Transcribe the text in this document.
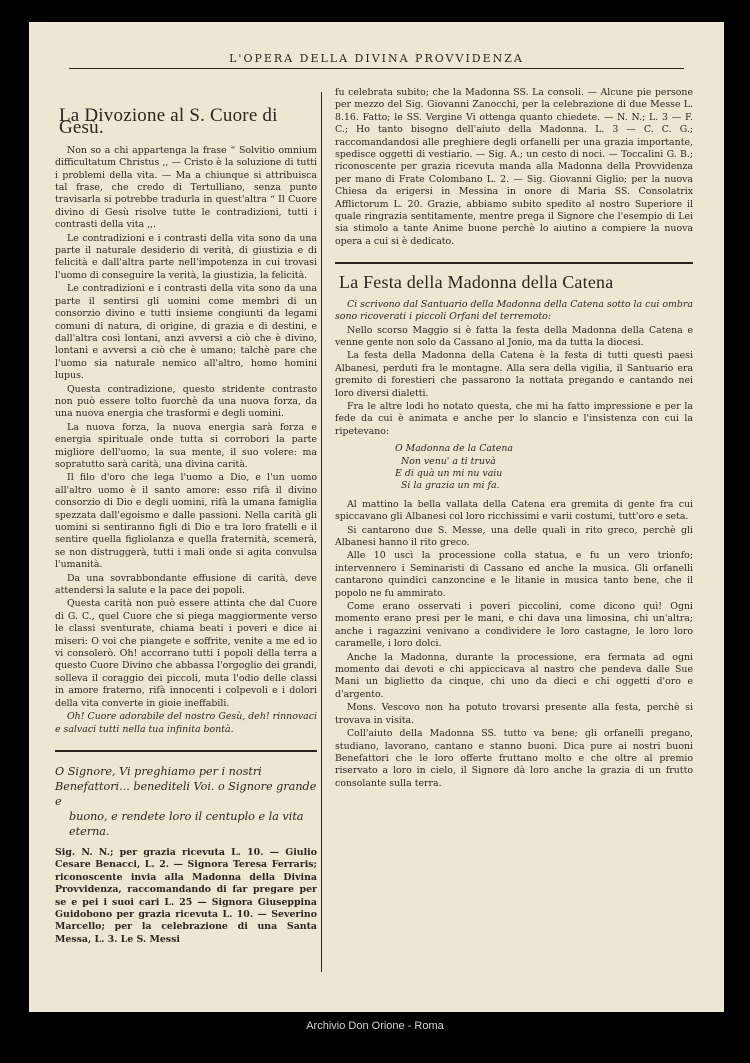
L'OPERA DELLA DIVINA PROVVIDENZA
La Divozione al S. Cuore di Gesù.

Non so a chi appartenga la frase “ Solvitio omnium difficultatum Christus ,, — Cristo è la soluzione di tutti i problemi della vita. — Ma a chiunque si attribuisca tal frase, che credo di Tertulliano, senza punto travisarla si potrebbe tradurla in quest'altra “ Il Cuore divino di Gesù risolve tutte le contradizioni, tutti i contrasti della vita ,,.

Le contradizioni e i contrasti della vita sono da una parte il naturale desiderio di verità, di giustizia e di felicità e dall'altra parte nell'impotenza in cui trovasi l'uomo di conseguire la verità, la giustizia, la felicità.

Le contradizioni e i contrasti della vita sono da una parte il sentirsi gli uomini come membri di un consorzio divino e tutti insieme congiunti da legami comuni di natura, di origine, di grazia e di destini, e dall'altra così lontani, anzi avversi a ciò che è divino, lontani e avversi a ciò che è umano; talchè pare che l'uomo sia naturale nemico all'altro, homo homini lupus.

Questa contradizione, questo stridente contrasto non può essere tolto fuorchè da una nuova forza, da una nuova energia che trasformi e degli uomini.

La nuova forza, la nuova energia sarà forza e energia spirituale onde tutta si corrobori la parte migliore dell'uomo, la sua mente, il suo volere: ma sopratutto sarà carità, una divina carità.

Il filo d'oro che lega l'uomo a Dio, e l'un uomo all'altro uomo è il santo amore: esso rifà il divino consorzio di Dio e degli uomini, rifà la umana famiglia spezzata dall'egoismo e dalle passioni. Nella carità gli uomini si sentiranno figli di Dio e tra loro fratelli e il sentire quella figliolanza e quella fraternità, scemerà, se non distruggerà, tutti i mali onde si agita convulsa l'umanità.

Da una sovrabbondante effusione di carità, deve attendersi la salute e la pace dei popoli.

Questa carità non può essere attinta che dal Cuore di G. C., quel Cuore che si piega maggiormente verso le classi sventurate, chiama beati i poveri e dice ai miseri: O voi che piangete e soffrite, venite a me ed io vi consolerò. Oh! accorrano tutti i popoli della terra a questo Cuore Divino che abbassa l'orgoglio dei grandi, solleva il coraggio dei piccoli, muta l'odio delle classi in amore fraterno, rifà innocenti i colpevoli e i dolori della vita converte in gioie ineffabili.

Oh! Cuore adorabile del nostro Gesù, deh! rinnovaci e salvaci tutti nella tua infinita bontà.

O Signore, Vi preghiamo per i nostri Benefattori... benediteli Voi. o Signore grande e
buono, e rendete loro il centuplo e la vita
eterna.

Sig. N. N.; per grazia ricevuta L. 10. — Giulio Cesare Benacci, L. 2. — Signora Teresa Ferraris; riconoscente invia alla Madonna della Divina Provvidenza, raccomandando di far pregare per se e pei i suoi cari L. 25 — Signora Giuseppina Guidobono per grazia ricevuta L. 10. — Severino Marcello; per la celebrazione di una Santa Messa, L. 3. Le S. Messi

fu celebrata subito; che la Madonna SS. La consoli. — Alcune pie persone per mezzo del Sig. Giovanni Zanocchi, per la celebrazione di due Messe L. 8.16. Fatto; le SS. Vergine Vi ottenga quanto chiedete. — N. N.; L. 3 — F. C.; Ho tanto bisogno dell'aiuto della Madonna. L. 3 — C. C. G.; raccomandandosi alle preghiere degli orfanelli per una grazia importante, spedisce oggetti di vestiario. — Sig. A.; un cesto di noci. — Toccalini G. B.; riconoscente per grazia ricevuta manda alla Madonna della Provvidenza per mano di Frate Colombano L. 2. — Sig. Giovanni Giglio; per la nuova Chiesa da erigersi in Messina in onore di Maria SS. Consolatrix Afflictorum L. 20. Grazie, abbiamo subito spedito al nostro Superiore il quale ringrazia sentitamente, mentre prega il Signore che l'esempio di Lei sia stimolo a tante Anime buone perchè lo aiutino a compiere la nuova opera a cui si è dedicato.

La Festa della Madonna della Catena

Ci scrivono dal Santuario della Madonna della Catena sotto la cui ombra sono ricoverati i piccoli Orfani del terremoto:

Nello scorso Maggio si è fatta la festa della Madonna della Catena e venne gente non solo da Cassano al Jonio, ma da tutta la diocesi.

La festa della Madonna della Catena è la festa di tutti questi paesi Albanesi, perduti fra le montagne. Alla sera della vigilia, il Santuario era gremito di forestieri che passarono la nottata pregando e cantando nei loro diversi dialetti.

Fra le altre lodi ho notato questa, che mi ha fatto impressione e per la fede da cui è animata e anche per lo slancio e l'insistenza con cui la ripetevano:

O Madonna de la Catena
Non venu' a ti truvà
E di quà un mi nu vaiu
Si la grazia un mi fa.

Al mattino la bella vallata della Catena era gremita di gente fra cui spiccavano gli Albanesi col loro ricchissimi e varii costumi, tutt'oro e seta.

Si cantarono due S. Messe, una delle quali in rito greco, perchè gli Albanesi hanno il rito greco.

Alle 10 uscì la processione colla statua, e fu un vero trionfo; intervennero i Seminaristi di Cassano ed anche la musica. Gli orfanelli cantarono quindici canzoncine e le litanie in musica tanto bene, che il popolo ne fu ammirato.

Come erano osservati i poveri piccolini, come dicono quì! Ogni momento erano presi per le mani, e chi dava una limosina, chi un'altra; anche i ragazzini venivano a condividere le loro castagne, le loro loro caramelle, i loro dolci.

Anche la Madonna, durante la processione, era fermata ad ogni momento dai devoti e chi appiccicava al nastro che pendeva dalle Sue Mani un biglietto da cinque, chi uno da dieci e chi oggetti d'oro e d'argento.

Mons. Vescovo non ha potuto trovarsi presente alla festa, perchè si trovava in visita.

Coll'aiuto della Madonna SS. tutto va bene; gli orfanelli pregano, studiano, lavorano, cantano e stanno buoni. Dica pure ai nostri buoni Benefattori che le loro offerte fruttano molto e che oltre al premio riservato a loro in cielo, il Signore dà loro anche la grazia di un frutto consolante sulla terra.

Archivio Don Orione - Roma
